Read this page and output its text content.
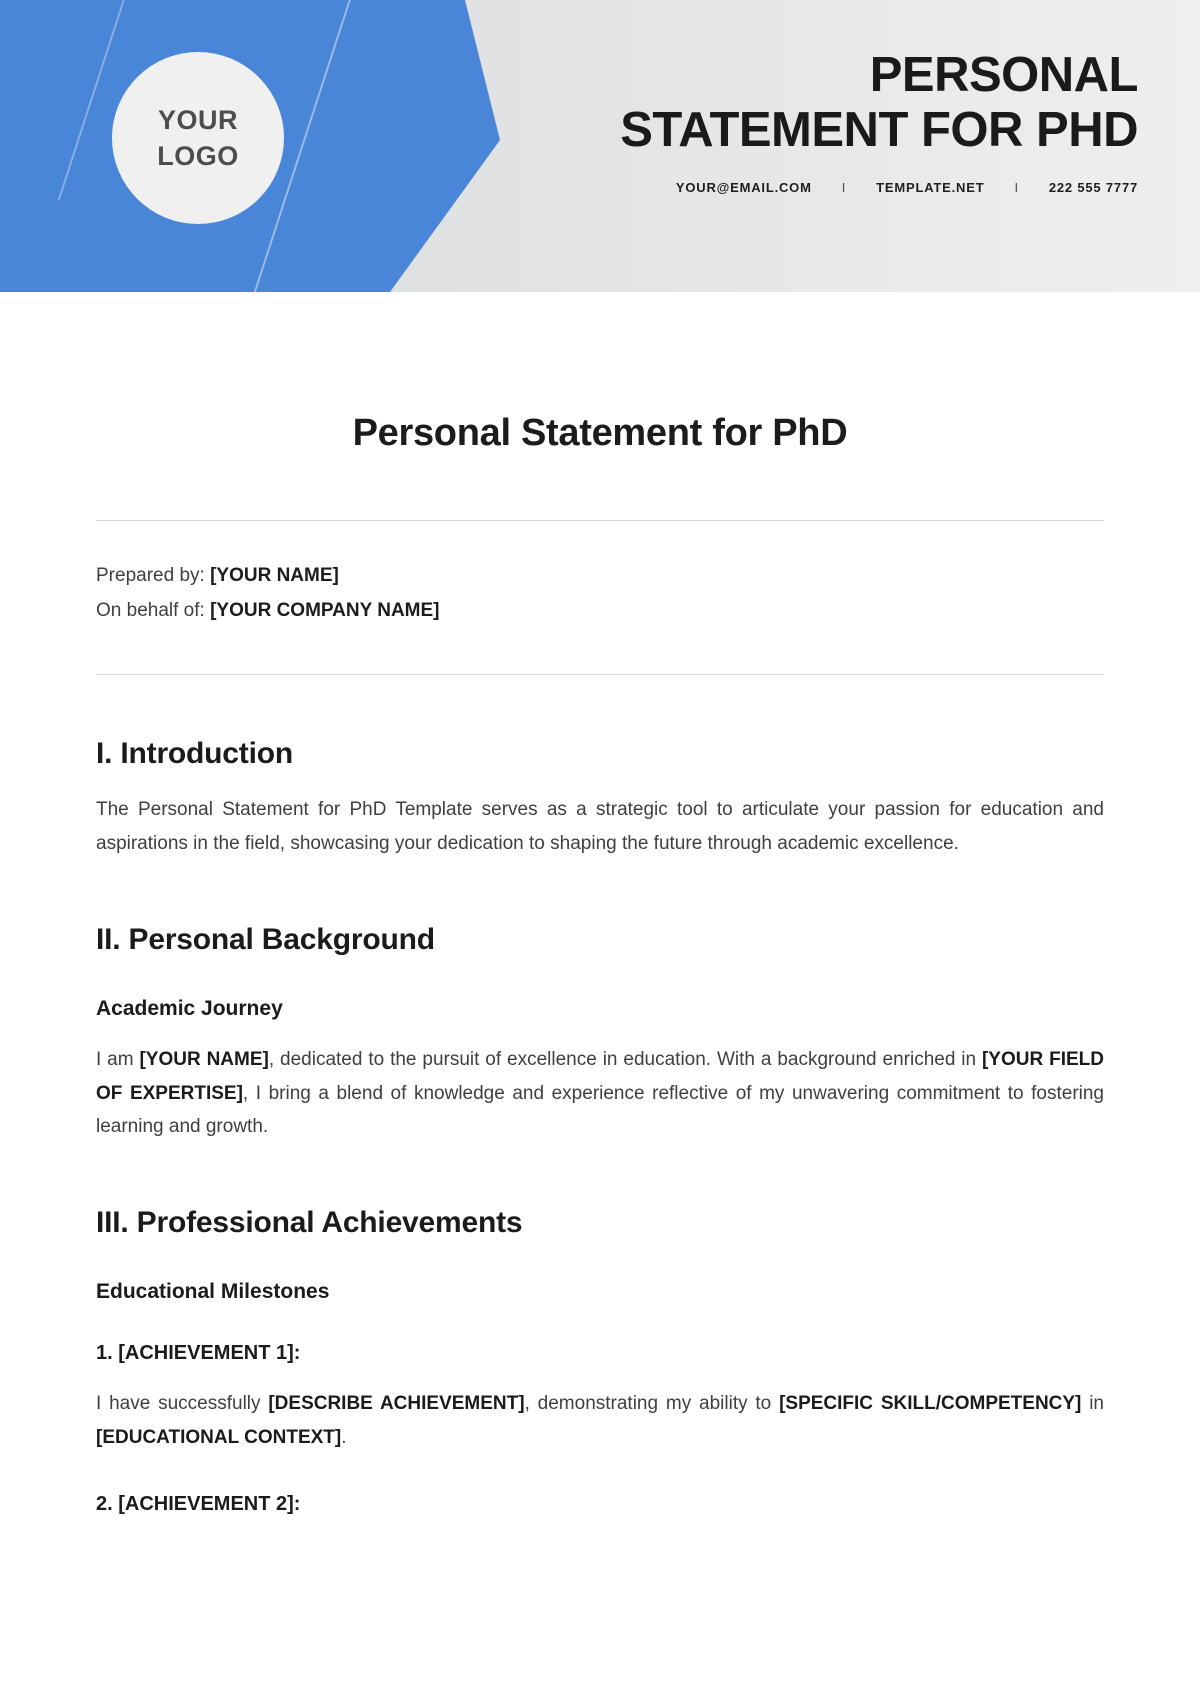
YOUR
LOGO
PERSONAL
STATEMENT FOR PHD
YOUR@EMAIL.COM	I	TEMPLATE.NET	I	222 555 7777
Personal Statement for PhD
Prepared by: [YOUR NAME]
On behalf of: [YOUR COMPANY NAME]
I. Introduction

The Personal Statement for PhD Template serves as a strategic tool to articulate your passion for education and aspirations in the field, showcasing your dedication to shaping the future through academic excellence.

II. Personal Background
Academic Journey

I am [YOUR NAME], dedicated to the pursuit of excellence in education. With a background enriched in [YOUR FIELD OF EXPERTISE], I bring a blend of knowledge and experience reflective of my unwavering commitment to fostering learning and growth.

III. Professional Achievements
Educational Milestones
1. [ACHIEVEMENT 1]:

I have successfully [DESCRIBE ACHIEVEMENT], demonstrating my ability to [SPECIFIC SKILL/COMPETENCY] in [EDUCATIONAL CONTEXT].

2. [ACHIEVEMENT 2]:
